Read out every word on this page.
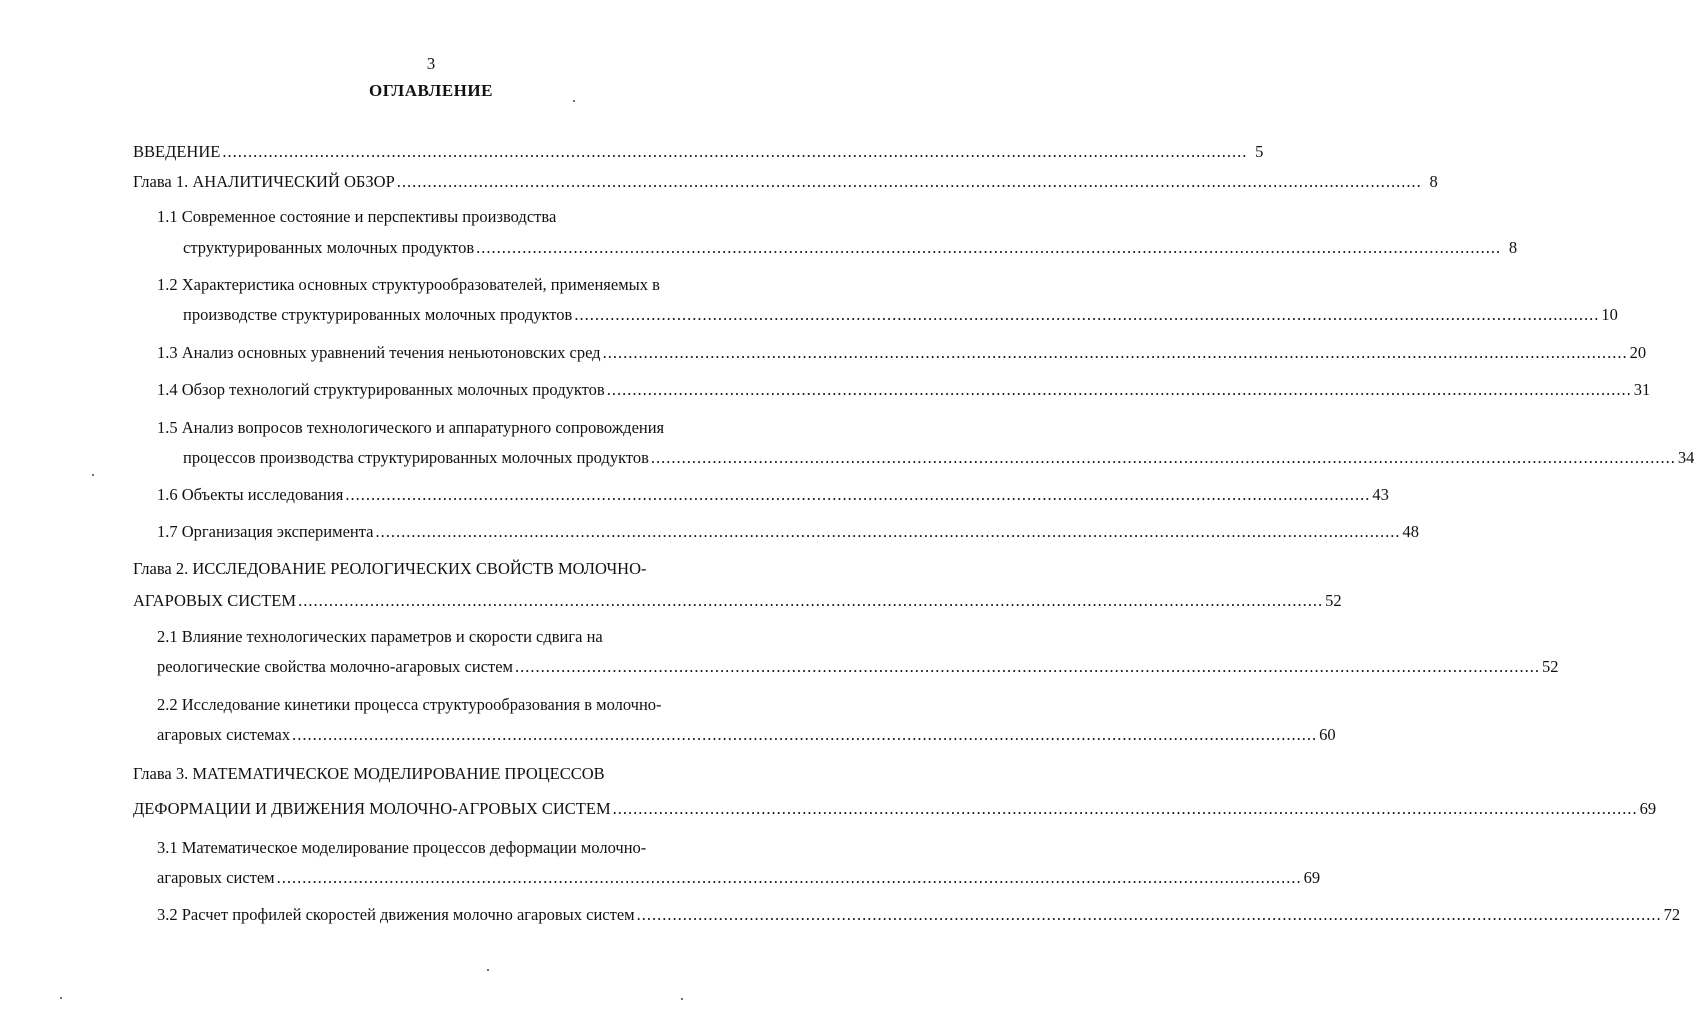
3
ОГЛАВЛЕНИЕ
ВВЕДЕНИЕ ........................................................................................................................................................................................................ 5
Глава 1. АНАЛИТИЧЕСКИЙ ОБЗОР ........................................................................................................................................................................................................ 8
1.1 Современное состояние и перспективы производства
структурированных молочных продуктов ........................................................................................................................................................................................................ 8
1.2 Характеристика основных структурообразователей, применяемых в
производстве структурированных молочных продуктов ........................................................................................................................................................................................................ 10
1.3 Анализ основных уравнений течения неньютоновских сред ........................................................................................................................................................................................................ 20
1.4 Обзор технологий структурированных молочных продуктов ........................................................................................................................................................................................................ 31
1.5 Анализ вопросов технологического и аппаратурного сопровождения
процессов производства структурированных молочных продуктов ........................................................................................................................................................................................................ 34
1.6 Объекты исследования ........................................................................................................................................................................................................ 43
1.7 Организация эксперимента ........................................................................................................................................................................................................ 48
Глава 2. ИССЛЕДОВАНИЕ РЕОЛОГИЧЕСКИХ СВОЙСТВ МОЛОЧНО-
АГАРОВЫХ СИСТЕМ ........................................................................................................................................................................................................ 52
2.1 Влияние технологических параметров и скорости сдвига на
реологические свойства молочно-агаровых систем ........................................................................................................................................................................................................ 52
2.2 Исследование кинетики процесса структурообразования в молочно-
агаровых системах ........................................................................................................................................................................................................ 60
Глава 3. МАТЕМАТИЧЕСКОЕ МОДЕЛИРОВАНИЕ ПРОЦЕССОВ
ДЕФОРМАЦИИ И ДВИЖЕНИЯ МОЛОЧНО-АГРОВЫХ СИСТЕМ ........................................................................................................................................................................................................ 69
3.1 Математическое моделирование процессов деформации молочно-
агаровых систем ........................................................................................................................................................................................................ 69
3.2 Расчет профилей скоростей движения молочно агаровых систем ........................................................................................................................................................................................................ 72
